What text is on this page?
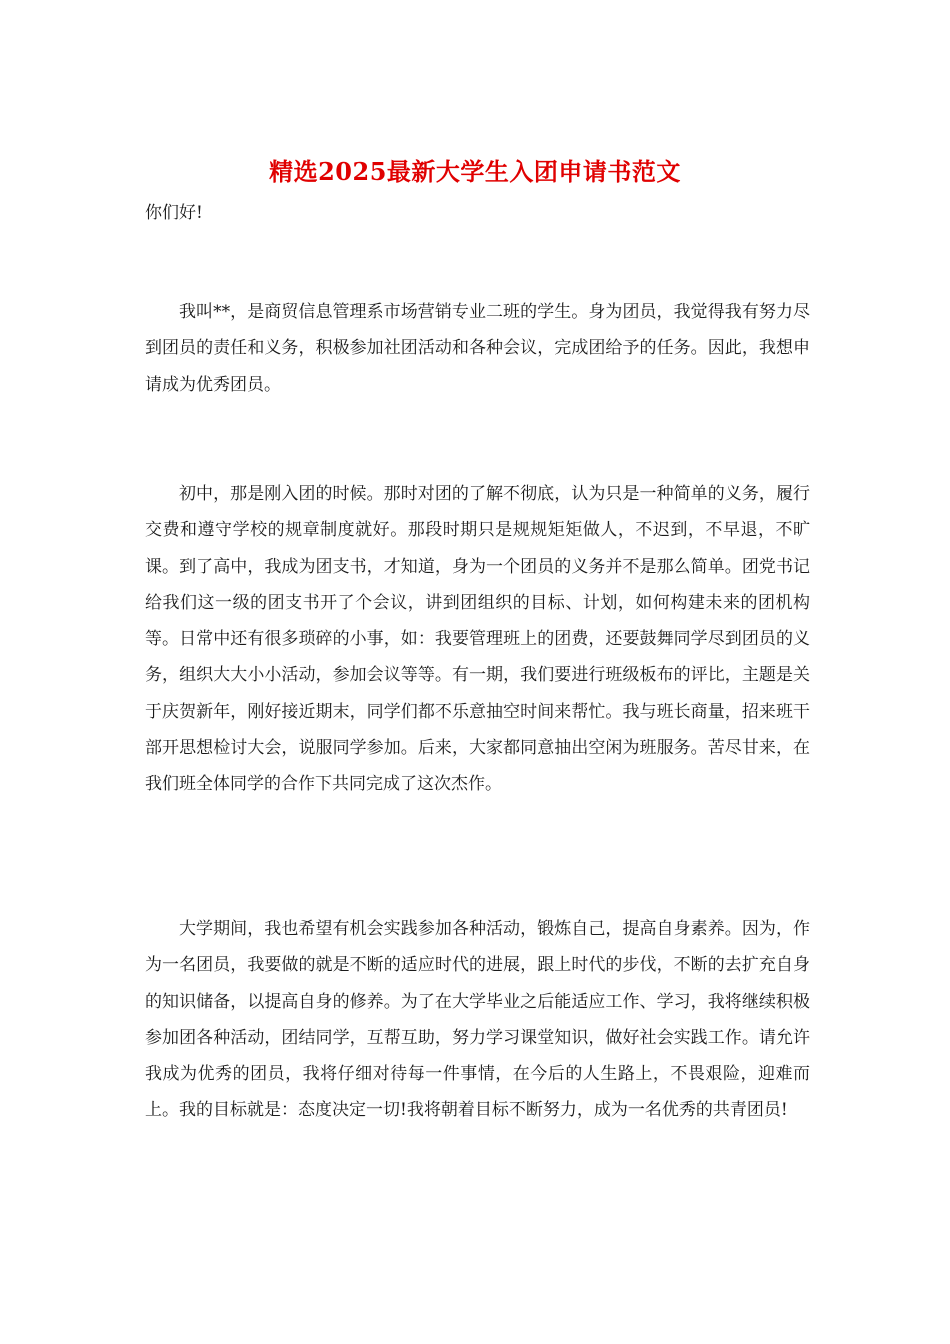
精选2025最新大学生入团申请书范文

你们好!

我叫**，是商贸信息管理系市场营销专业二班的学生。身为团员，我觉得我有努力尽到团员的责任和义务，积极参加社团活动和各种会议，完成团给予的任务。因此，我想申请成为优秀团员。

初中，那是刚入团的时候。那时对团的了解不彻底，认为只是一种简单的义务，履行交费和遵守学校的规章制度就好。那段时期只是规规矩矩做人，不迟到，不早退，不旷课。到了高中，我成为团支书，才知道，身为一个团员的义务并不是那么简单。团党书记给我们这一级的团支书开了个会议，讲到团组织的目标、计划，如何构建未来的团机构等。日常中还有很多琐碎的小事，如：我要管理班上的团费，还要鼓舞同学尽到团员的义务，组织大大小小活动，参加会议等等。有一期，我们要进行班级板布的评比，主题是关于庆贺新年，刚好接近期末，同学们都不乐意抽空时间来帮忙。我与班长商量，招来班干部开思想检讨大会，说服同学参加。后来，大家都同意抽出空闲为班服务。苦尽甘来，在我们班全体同学的合作下共同完成了这次杰作。

大学期间，我也希望有机会实践参加各种活动，锻炼自己，提高自身素养。因为，作为一名团员，我要做的就是不断的适应时代的进展，跟上时代的步伐，不断的去扩充自身的知识储备，以提高自身的修养。为了在大学毕业之后能适应工作、学习，我将继续积极参加团各种活动，团结同学，互帮互助，努力学习课堂知识，做好社会实践工作。请允许我成为优秀的团员，我将仔细对待每一件事情，在今后的人生路上，不畏艰险，迎难而上。我的目标就是：态度决定一切!我将朝着目标不断努力，成为一名优秀的共青团员!
